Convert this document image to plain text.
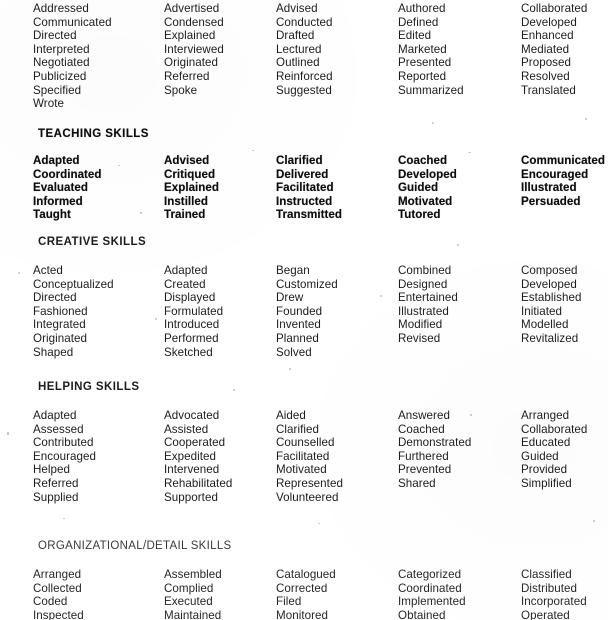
Addressed
Communicated
Directed
Interpreted
Negotiated
Publicized
Specified
Wrote
Advertised
Condensed
Explained
Interviewed
Originated
Referred
Spoke
Advised
Conducted
Drafted
Lectured
Outlined
Reinforced
Suggested
Authored
Defined
Edited
Marketed
Presented
Reported
Summarized
Collaborated
Developed
Enhanced
Mediated
Proposed
Resolved
Translated
TEACHING SKILLS
Adapted
Coordinated
Evaluated
Informed
Taught
Advised
Critiqued
Explained
Instilled
Trained
Clarified
Delivered
Facilitated
Instructed
Transmitted
Coached
Developed
Guided
Motivated
Tutored
Communicated
Encouraged
Illustrated
Persuaded
CREATIVE SKILLS
Acted
Conceptualized
Directed
Fashioned
Integrated
Originated
Shaped
Adapted
Created
Displayed
Formulated
Introduced
Performed
Sketched
Began
Customized
Drew
Founded
Invented
Planned
Solved
Combined
Designed
Entertained
Illustrated
Modified
Revised
Composed
Developed
Established
Initiated
Modelled
Revitalized
HELPING SKILLS
Adapted
Assessed
Contributed
Encouraged
Helped
Referred
Supplied
Advocated
Assisted
Cooperated
Expedited
Intervened
Rehabilitated
Supported
Aided
Clarified
Counselled
Facilitated
Motivated
Represented
Volunteered
Answered
Coached
Demonstrated
Furthered
Prevented
Shared
Arranged
Collaborated
Educated
Guided
Provided
Simplified
ORGANIZATIONAL/DETAIL SKILLS
Arranged
Collected
Coded
Inspected
Assembled
Complied
Executed
Maintained
Catalogued
Corrected
Filed
Monitored
Categorized
Coordinated
Implemented
Obtained
Classified
Distributed
Incorporated
Operated
